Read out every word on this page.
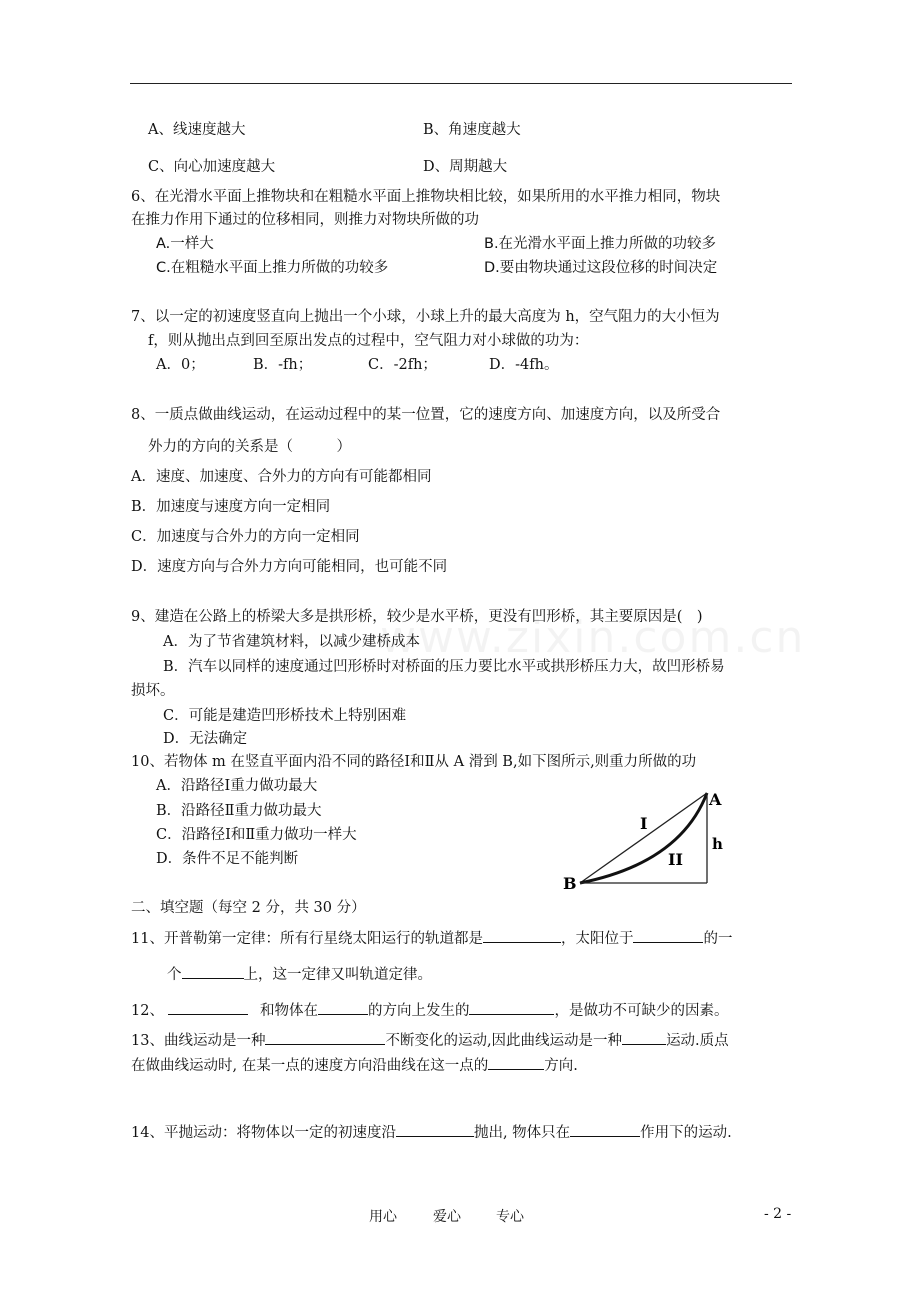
A、线速度越大	B、角速度越大
C、向心加速度越大	D、周期越大
6、在光滑水平面上推物块和在粗糙水平面上推物块相比较，如果所用的水平推力相同，物块
在推力作用下通过的位移相同，则推力对物块所做的功
A.一样大	B.在光滑水平面上推力所做的功较多
C.在粗糙水平面上推力所做的功较多	D.要由物块通过这段位移的时间决定
7、以一定的初速度竖直向上抛出一个小球，小球上升的最大高度为 h，空气阻力的大小恒为
f，则从抛出点到回至原出发点的过程中，空气阻力对小球做的功为：
A．0；	B．-fh；	C．-2fh；	D．-4fh。
8、一质点做曲线运动，在运动过程中的某一位置，它的速度方向、加速度方向，以及所受合
外力的方向的关系是（　　　）
A．速度、加速度、合外力的方向有可能都相同
B．加速度与速度方向一定相同
C．加速度与合外力的方向一定相同
D．速度方向与合外力方向可能相同，也可能不同
9、建造在公路上的桥梁大多是拱形桥，较少是水平桥，更没有凹形桥，其主要原因是(　)
A．为了节省建筑材料，以减少建桥成本
B．汽车以同样的速度通过凹形桥时对桥面的压力要比水平或拱形桥压力大，故凹形桥易
损坏。
C．可能是建造凹形桥技术上特别困难
D．无法确定
10、若物体 m 在竖直平面内沿不同的路径Ⅰ和Ⅱ从 A 滑到 B,如下图所示,则重力所做的功
A．沿路径Ⅰ重力做功最大
B．沿路径Ⅱ重力做功最大
C．沿路径Ⅰ和Ⅱ重力做功一样大
D．条件不足不能判断
A
B
h
I
II
二、填空题（每空 2 分，共 30 分）
11、开普勒第一定律：所有行星绕太阳运行的轨道都是	，太阳位于	的一
个	上，这一定律又叫轨道定律。
12、	和物体在	的方向上发生的	，是做功不可缺少的因素。
13、曲线运动是一种	不断变化的运动,因此曲线运动是一种	运动.质点
在做曲线运动时, 在某一点的速度方向沿曲线在这一点的	方向.
14、平抛运动：将物体以一定的初速度沿	抛出, 物体只在	作用下的运动.
用心	爱心	专心	- 2 -
